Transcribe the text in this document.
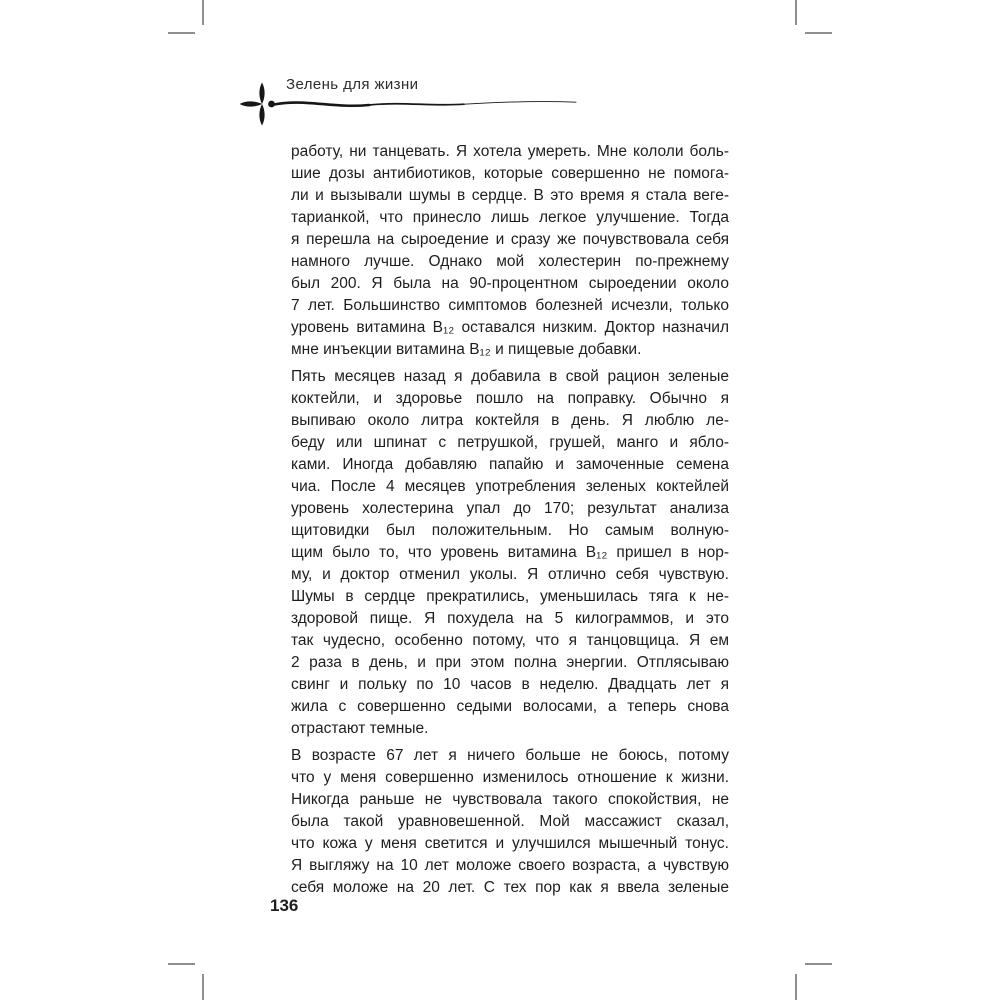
Зелень для жизни
работу, ни танцевать. Я хотела умереть. Мне кололи боль-
шие дозы антибиотиков, которые совершенно не помога-
ли и вызывали шумы в сердце. В это время я стала веге-
тарианкой, что принесло лишь легкое улучшение. Тогда
я перешла на сыроедение и сразу же почувствовала себя
намного лучше. Однако мой холестерин по-прежнему
был 200. Я была на 90-процентном сыроедении около
7 лет. Большинство симптомов болезней исчезли, только
уровень витамина В₁₂ оставался низким. Доктор назначил
мне инъекции витамина В₁₂ и пищевые добавки.
Пять месяцев назад я добавила в свой рацион зеленые
коктейли, и здоровье пошло на поправку. Обычно я
выпиваю около литра коктейля в день. Я люблю ле-
беду или шпинат с петрушкой, грушей, манго и ябло-
ками. Иногда добавляю папайю и замоченные семена
чиа. После 4 месяцев употребления зеленых коктейлей
уровень холестерина упал до 170; результат анализа
щитовидки был положительным. Но самым волную-
щим было то, что уровень витамина В₁₂ пришел в нор-
му, и доктор отменил уколы. Я отлично себя чувствую.
Шумы в сердце прекратились, уменьшилась тяга к не-
здоровой пище. Я похудела на 5 килограммов, и это
так чудесно, особенно потому, что я танцовщица. Я ем
2 раза в день, и при этом полна энергии. Отплясываю
свинг и польку по 10 часов в неделю. Двадцать лет я
жила с совершенно седыми волосами, а теперь снова
отрастают темные.
В возрасте 67 лет я ничего больше не боюсь, потому
что у меня совершенно изменилось отношение к жизни.
Никогда раньше не чувствовала такого спокойствия, не
была такой уравновешенной. Мой массажист сказал,
что кожа у меня светится и улучшился мышечный тонус.
Я выгляжу на 10 лет моложе своего возраста, а чувствую
себя моложе на 20 лет. С тех пор как я ввела зеленые
136
